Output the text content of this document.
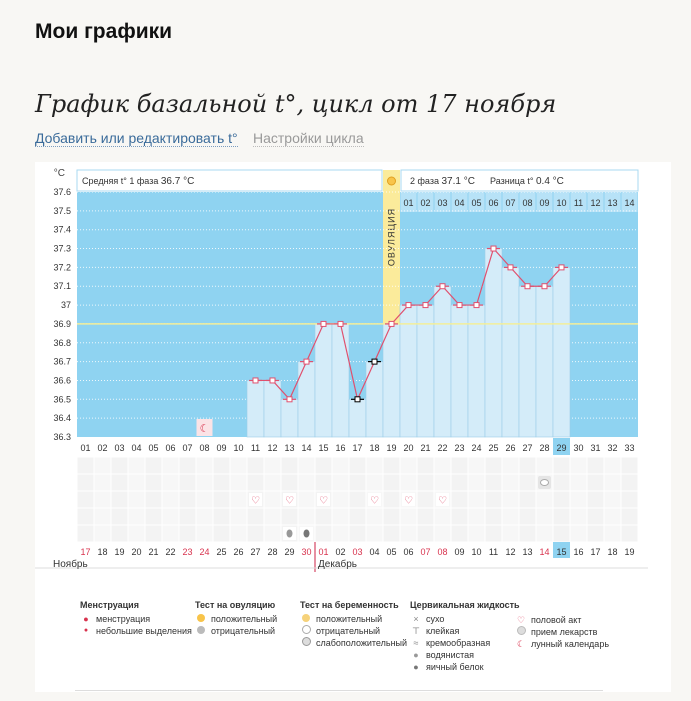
Мои графики
График базальной t°, цикл от 17 ноября
Добавить или редактировать t° Настройки цикла
°C
37.6
37.5
37.4
37.3
37.2
37.1
37
36.9
36.8
36.7
36.6
36.5
36.4
36.3
Средняя t° 1 фаза 36.7 °C	2 фаза 37.1 °C Разница t° 0.4 °C
01 02 03 04 05 06 07 08 09 10 11 12 13 14
ОВУЛЯЦИЯ
☾
01 02 03 04 05 06 07 08 09 10 11 12 13 14 15 16 17 18 19 20 21 22 23 24 25 26 27 28 29 30 31 32 33
♡	♡	♡	♡	♡	♡
17 18 19 20 21 22 23 24 25 26 27 28 29 30 01 02 03 04 05 06 07 08 09 10 11 12 13 14 15 16 17 18 19
Ноябрь	Декабрь
Менструация
● менструация
● небольшие выделения
Тест на овуляцию
положительный
отрицательный
Тест на беременность
положительный
отрицательный
слабоположительный
Цервикальная жидкость
× сухо
⊤ клейкая
≈ кремообразная
● водянистая
● яичный белок
♡ половой акт
прием лекарств
☾ лунный календарь
